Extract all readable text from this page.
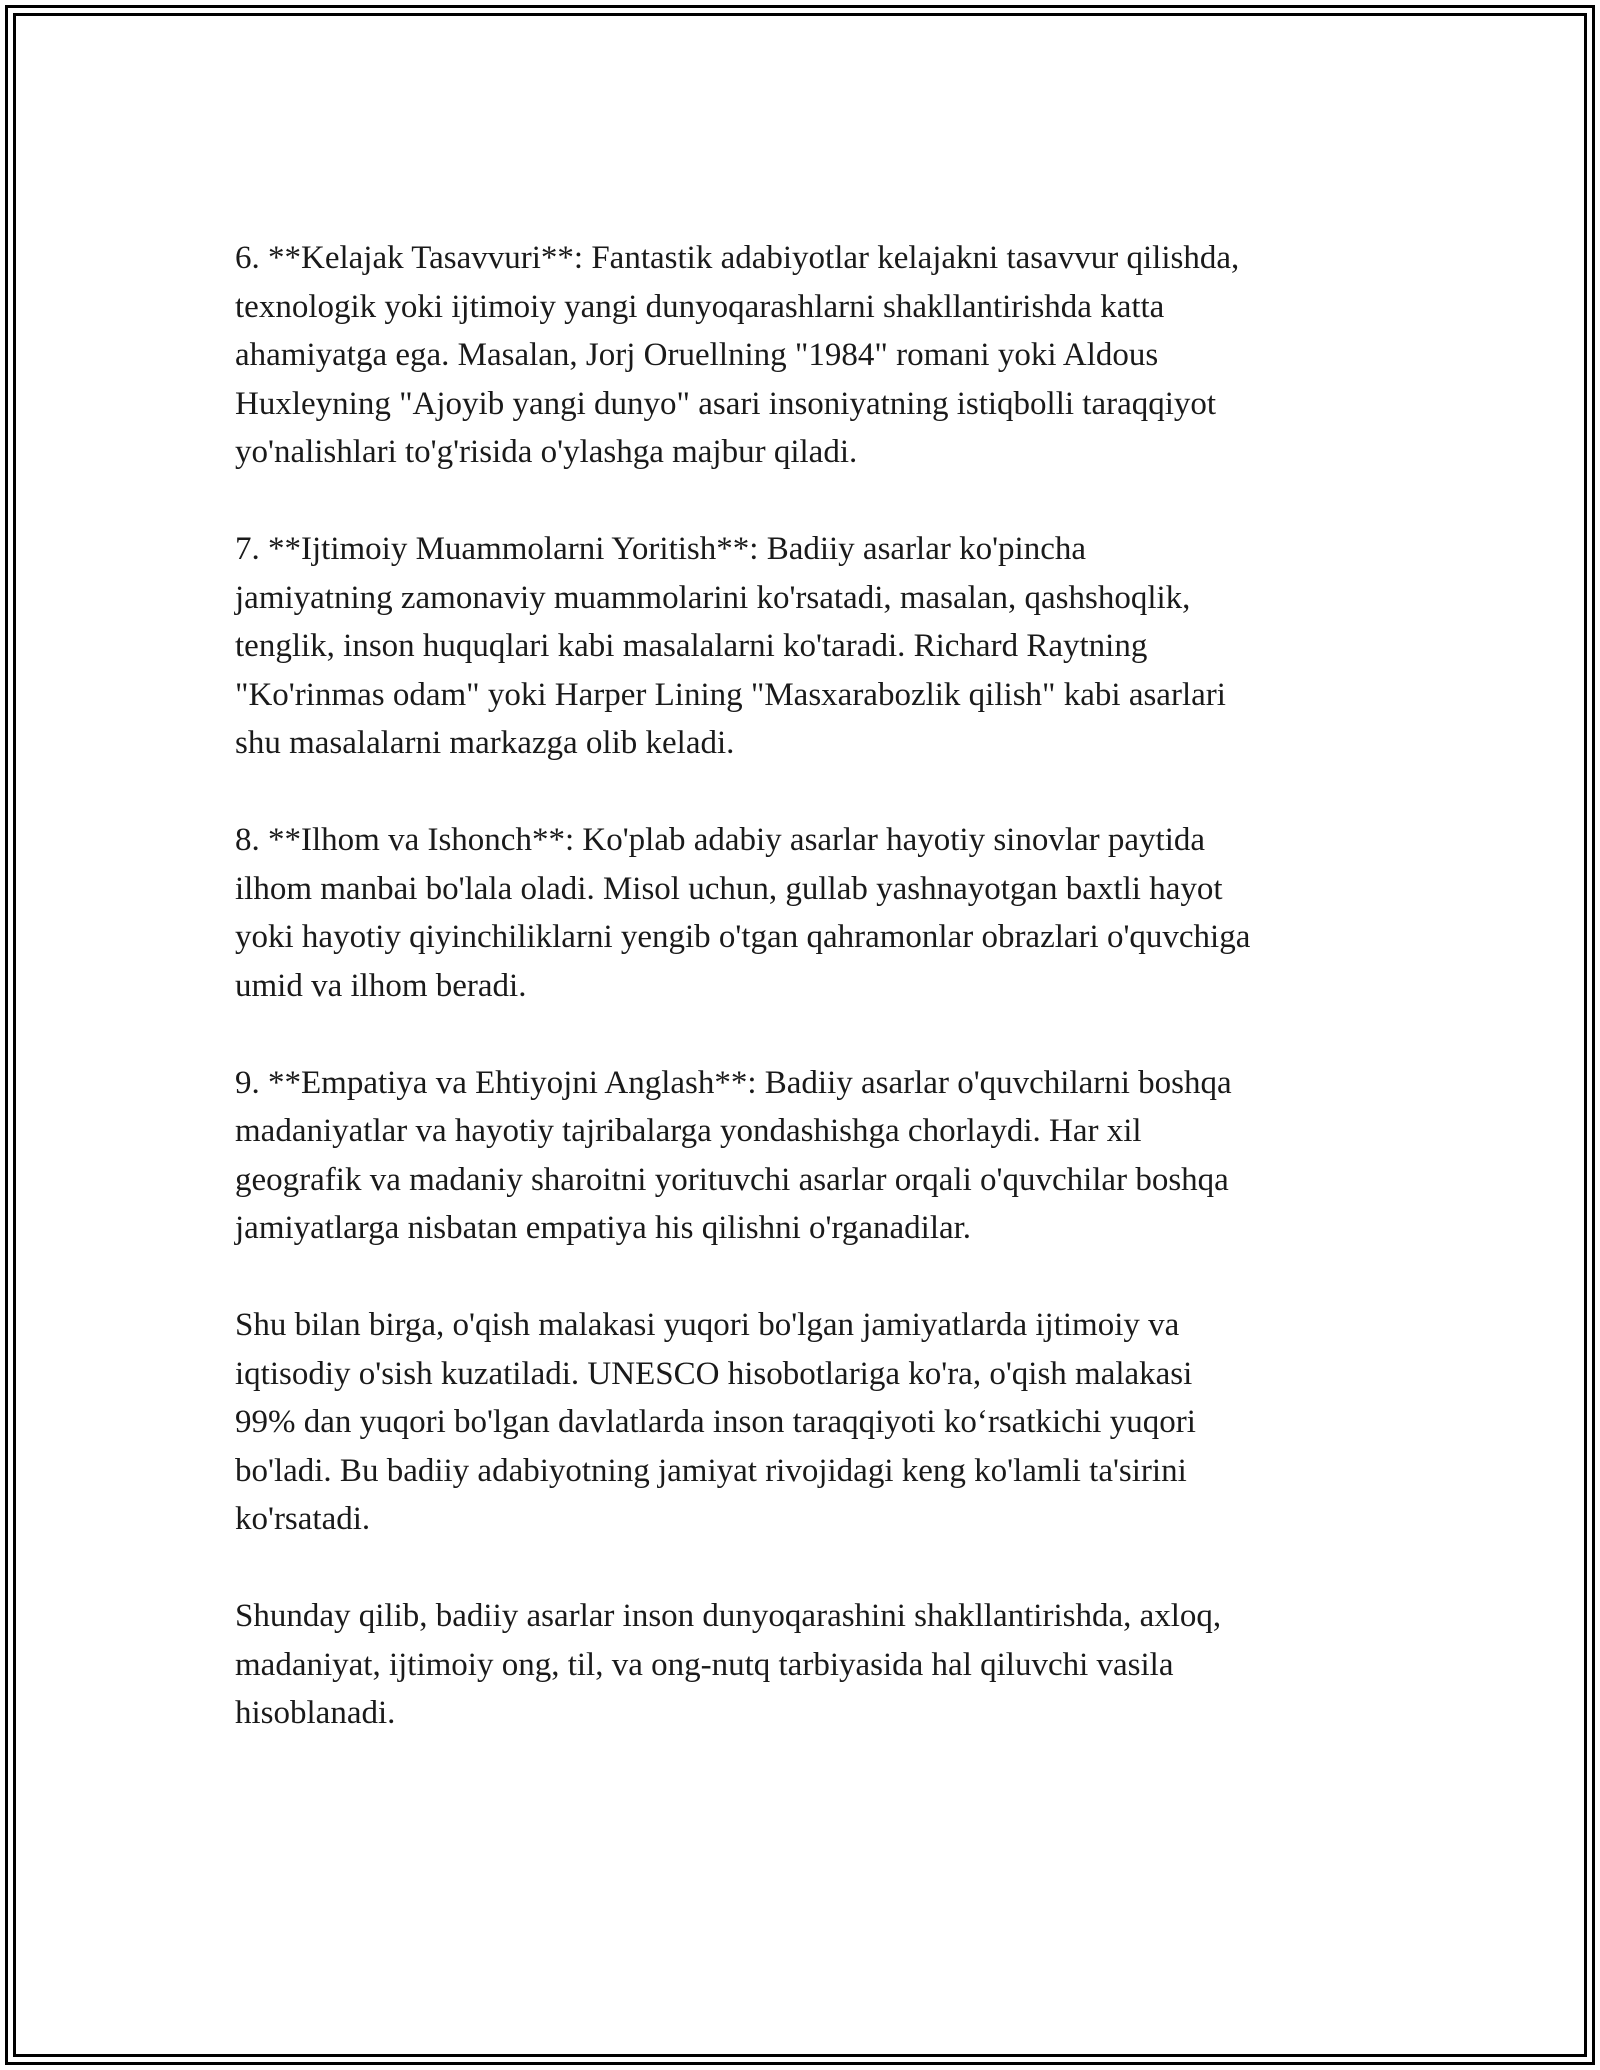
6. **Kelajak Tasavvuri**: Fantastik adabiyotlar kelajakni tasavvur qilishda,
texnologik yoki ijtimoiy yangi dunyoqarashlarni shakllantirishda katta
ahamiyatga ega. Masalan, Jorj Oruellning "1984" romani yoki Aldous
Huxleyning "Ajoyib yangi dunyo" asari insoniyatning istiqbolli taraqqiyot
yo'nalishlari to'g'risida o'ylashga majbur qiladi.

7. **Ijtimoiy Muammolarni Yoritish**: Badiiy asarlar ko'pincha
jamiyatning zamonaviy muammolarini ko'rsatadi, masalan, qashshoqlik,
tenglik, inson huquqlari kabi masalalarni ko'taradi. Richard Raytning
"Ko'rinmas odam" yoki Harper Lining "Masxarabozlik qilish" kabi asarlari
shu masalalarni markazga olib keladi.

8. **Ilhom va Ishonch**: Ko'plab adabiy asarlar hayotiy sinovlar paytida
ilhom manbai bo'lala oladi. Misol uchun, gullab yashnayotgan baxtli hayot
yoki hayotiy qiyinchiliklarni yengib o'tgan qahramonlar obrazlari o'quvchiga
umid va ilhom beradi.

9. **Empatiya va Ehtiyojni Anglash**: Badiiy asarlar o'quvchilarni boshqa
madaniyatlar va hayotiy tajribalarga yondashishga chorlaydi. Har xil
geografik va madaniy sharoitni yorituvchi asarlar orqali o'quvchilar boshqa
jamiyatlarga nisbatan empatiya his qilishni o'rganadilar.

Shu bilan birga, o'qish malakasi yuqori bo'lgan jamiyatlarda ijtimoiy va
iqtisodiy o'sish kuzatiladi. UNESCO hisobotlariga ko'ra, o'qish malakasi
99% dan yuqori bo'lgan davlatlarda inson taraqqiyoti ko‘rsatkichi yuqori
bo'ladi. Bu badiiy adabiyotning jamiyat rivojidagi keng ko'lamli ta'sirini
ko'rsatadi.

Shunday qilib, badiiy asarlar inson dunyoqarashini shakllantirishda, axloq,
madaniyat, ijtimoiy ong, til, va ong-nutq tarbiyasida hal qiluvchi vasila
hisoblanadi.
